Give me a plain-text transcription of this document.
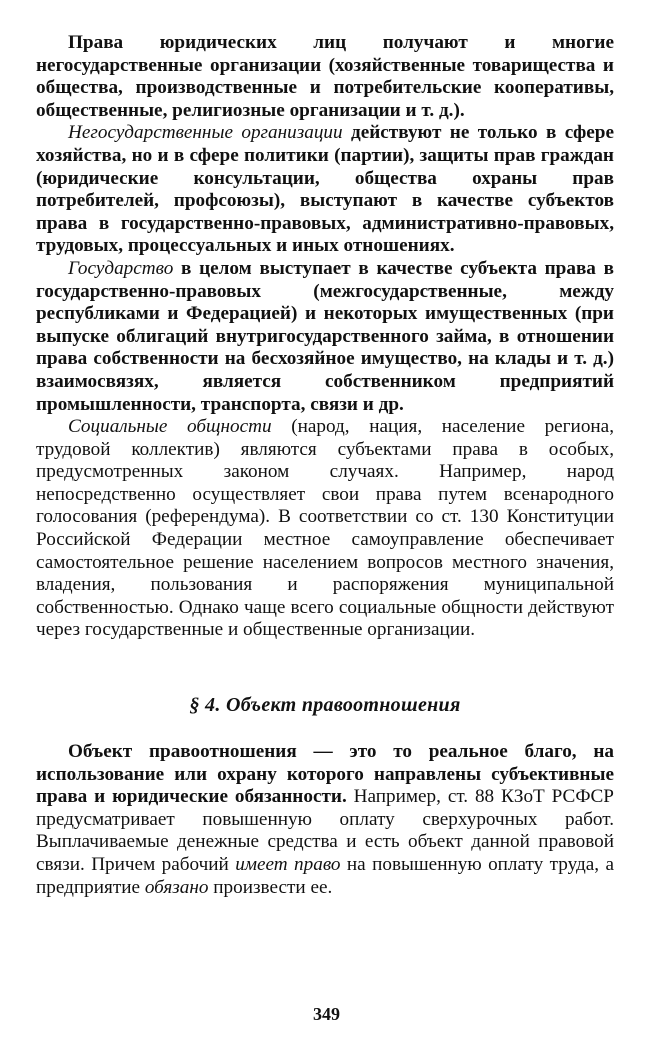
Права юридических лиц получают и многие негосударственные организации (хозяйственные товарищества и общества, производственные и потребительские кооперативы, общественные, религиозные организации и т. д.).

Негосударственные организации действуют не только в сфере хозяйства, но и в сфере политики (партии), защиты прав граждан (юридические консультации, общества охраны прав потребителей, профсоюзы), выступают в качестве субъектов права в государственно-правовых, административно-правовых, трудовых, процессуальных и иных отношениях.

Государство в целом выступает в качестве субъекта права в государственно-правовых (межгосударственные, между республиками и Федерацией) и некоторых имущественных (при выпуске облигаций внутригосударственного займа, в отношении права собственности на бесхозяйное имущество, на клады и т. д.) взаимосвязях, является собственником предприятий промышленности, транспорта, связи и др.

Социальные общности (народ, нация, население региона, трудовой коллектив) являются субъектами права в особых, предусмотренных законом случаях. Например, народ непосредственно осуществляет свои права путем всенародного голосования (референдума). В соответствии со ст. 130 Конституции Российской Федерации местное самоуправление обеспечивает самостоятельное решение населением вопросов местного значения, владения, пользования и распоряжения муниципальной собственностью. Однако чаще всего социальные общности действуют через государственные и общественные организации.

§ 4. Объект правоотношения

Объект правоотношения — это то реальное благо, на использование или охрану которого направлены субъективные права и юридические обязанности. Например, ст. 88 КЗоТ РСФСР предусматривает повышенную оплату сверхурочных работ. Выплачиваемые денежные средства и есть объект данной правовой связи. Причем рабочий имеет право на повышенную оплату труда, а предприятие обязано произвести ее.

349
